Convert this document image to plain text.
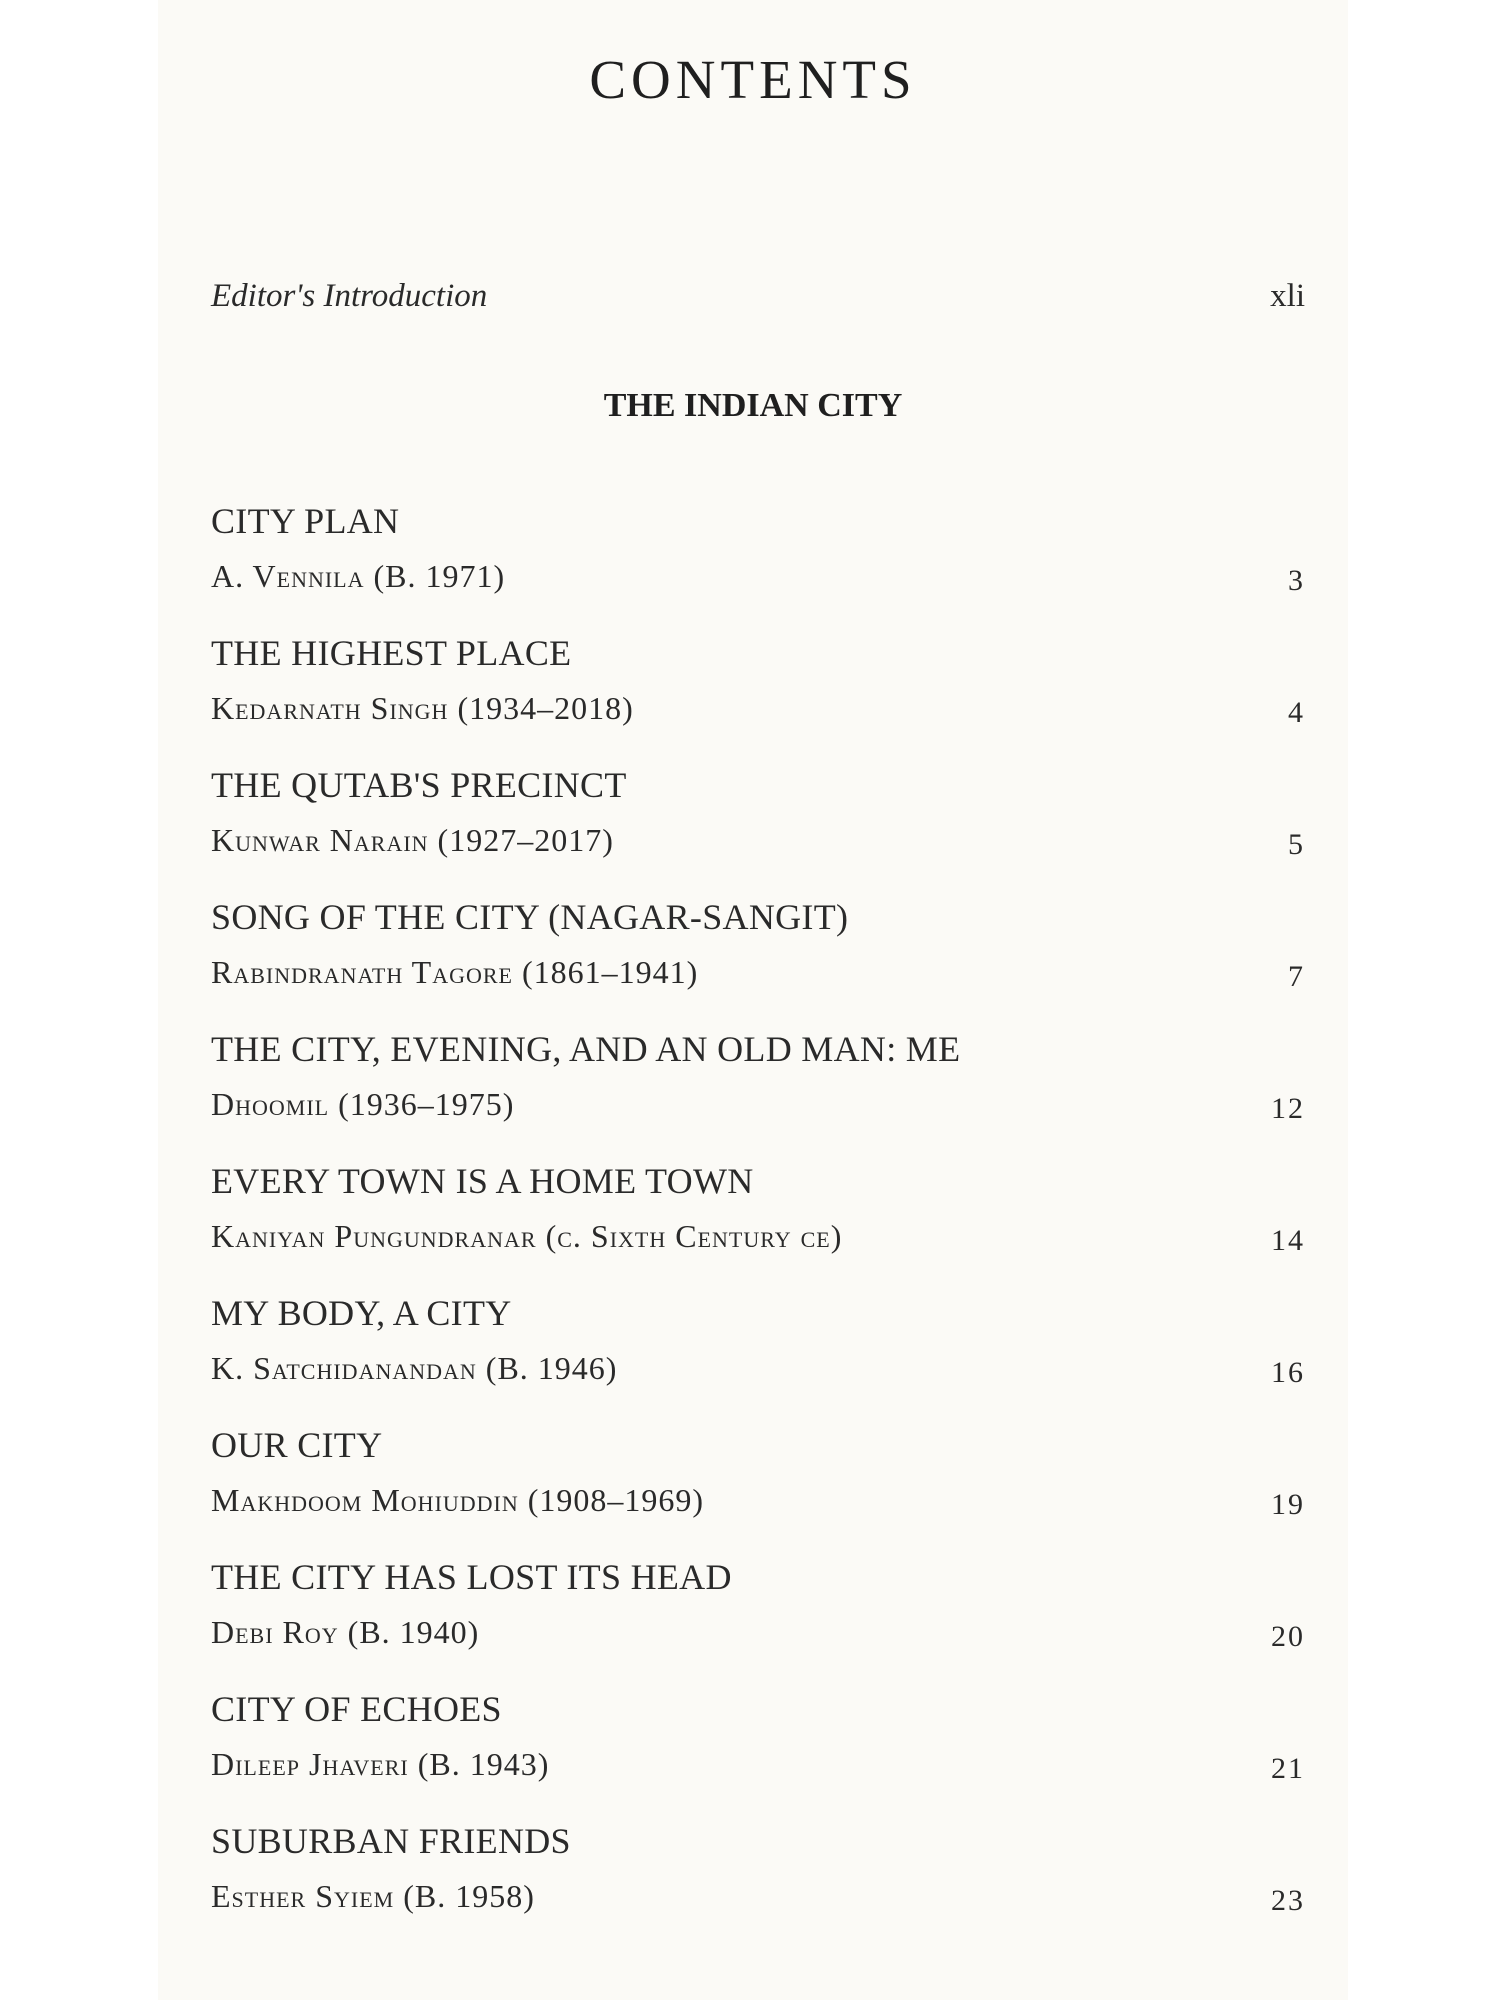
CONTENTS
Editor's Introduction	xli
THE INDIAN CITY
CITY PLAN
A. Vennila (B. 1971)	3
THE HIGHEST PLACE
Kedarnath Singh (1934–2018)	4
THE QUTAB'S PRECINCT
Kunwar Narain (1927–2017)	5
SONG OF THE CITY (NAGAR-SANGIT)
Rabindranath Tagore (1861–1941)	7
THE CITY, EVENING, AND AN OLD MAN: ME
Dhoomil (1936–1975)	12
EVERY TOWN IS A HOME TOWN
Kaniyan Pungundranar (c. Sixth Century ce)	14
MY BODY, A CITY
K. Satchidanandan (B. 1946)	16
OUR CITY
Makhdoom Mohiuddin (1908–1969)	19
THE CITY HAS LOST ITS HEAD
Debi Roy (B. 1940)	20
CITY OF ECHOES
Dileep Jhaveri (B. 1943)	21
SUBURBAN FRIENDS
Esther Syiem (B. 1958)	23
